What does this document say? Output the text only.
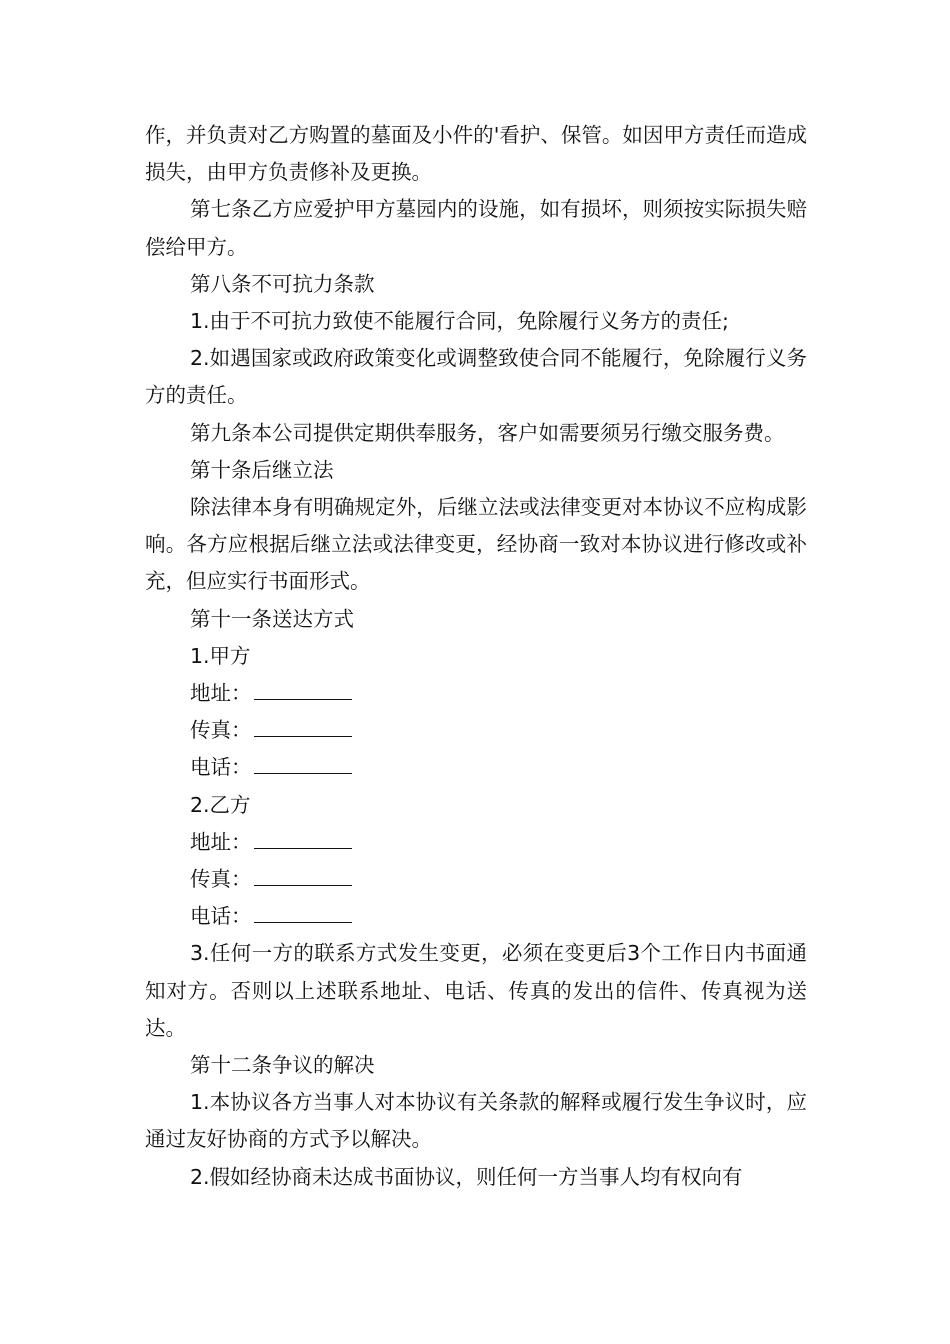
作，并负责对乙方购置的墓面及小件的'看护、保管。如因甲方责任而造成损失，由甲方负责修补及更换。

第七条乙方应爱护甲方墓园内的设施，如有损坏，则须按实际损失赔偿给甲方。

第八条不可抗力条款

1.由于不可抗力致使不能履行合同，免除履行义务方的责任;

2.如遇国家或政府政策变化或调整致使合同不能履行，免除履行义务方的责任。

第九条本公司提供定期供奉服务，客户如需要须另行缴交服务费。

第十条后继立法

除法律本身有明确规定外，后继立法或法律变更对本协议不应构成影响。各方应根据后继立法或法律变更，经协商一致对本协议进行修改或补充，但应实行书面形式。

第十一条送达方式

1.甲方

地址：
传真：
电话：

2.乙方

地址：
传真：
电话：

3.任何一方的联系方式发生变更，必须在变更后3个工作日内书面通知对方。否则以上述联系地址、电话、传真的发出的信件、传真视为送达。

第十二条争议的解决

1.本协议各方当事人对本协议有关条款的解释或履行发生争议时，应通过友好协商的方式予以解决。

2.假如经协商未达成书面协议，则任何一方当事人均有权向有
